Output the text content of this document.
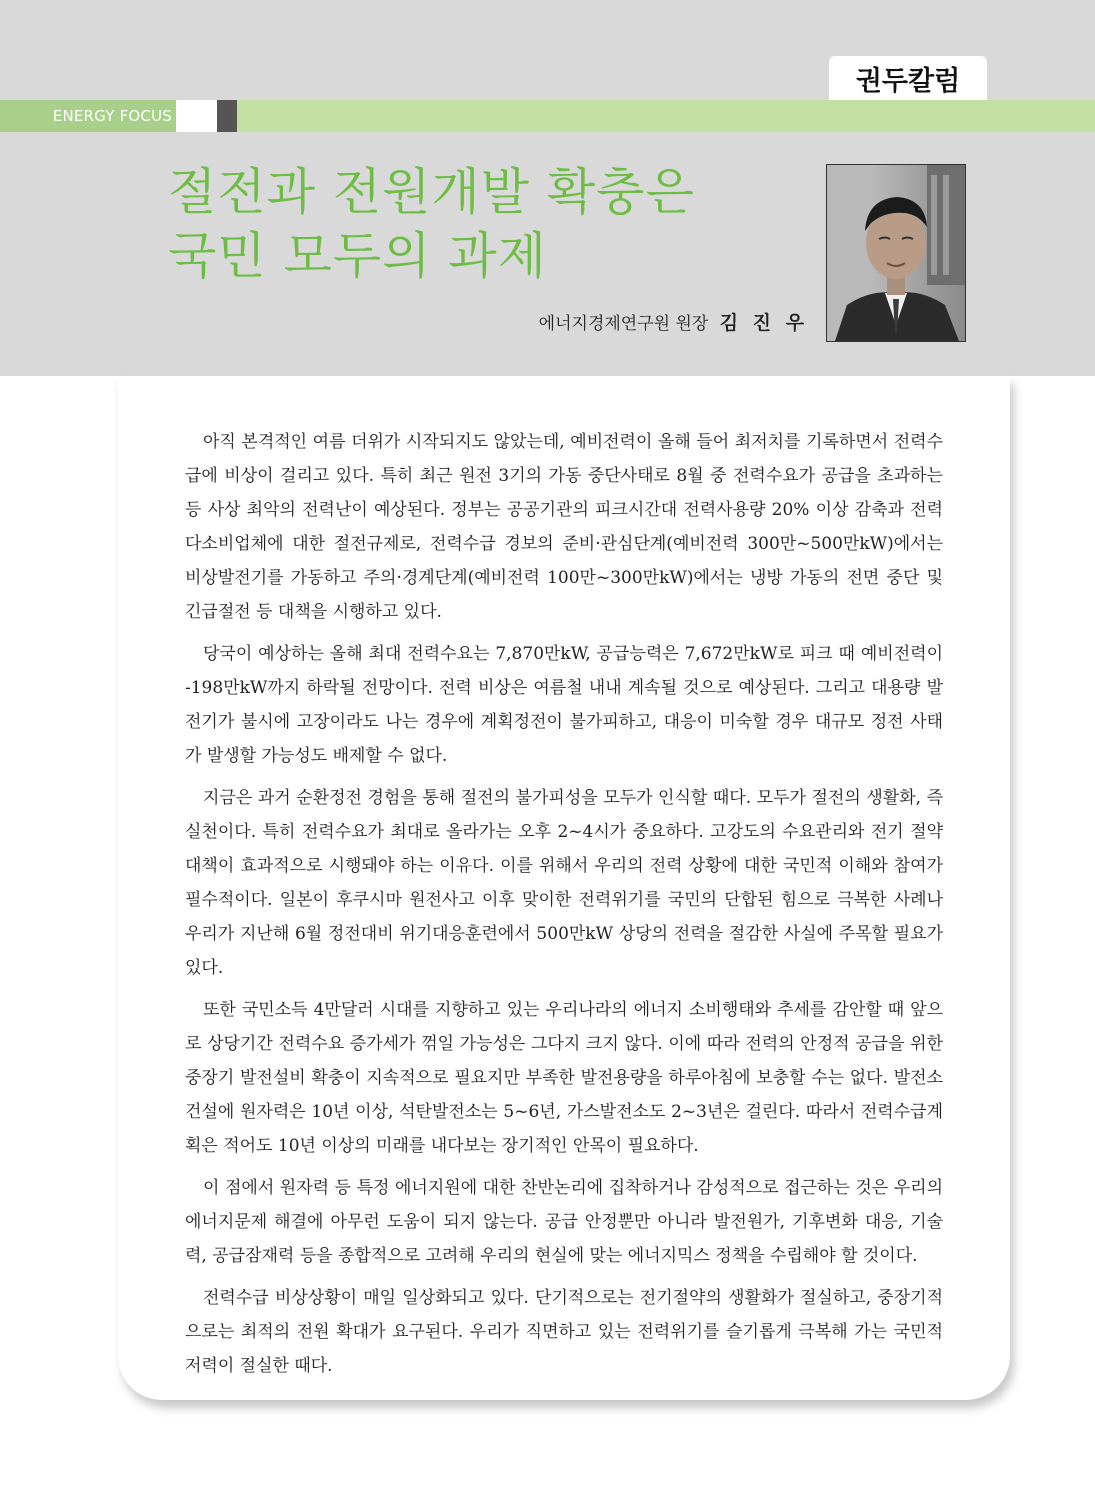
권두칼럼
ENERGY FOCUS
절전과 전원개발 확충은
국민 모두의 과제
에너지경제연구원 원장 김 진 우

아직 본격적인 여름 더위가 시작되지도 않았는데, 예비전력이 올해 들어 최저치를 기록하면서 전력수급에 비상이 걸리고 있다. 특히 최근 원전 3기의 가동 중단사태로 8월 중 전력수요가 공급을 초과하는 등 사상 최악의 전력난이 예상된다. 정부는 공공기관의 피크시간대 전력사용량 20% 이상 감축과 전력 다소비업체에 대한 절전규제로, 전력수급 경보의 준비·관심단계(예비전력 300만~500만kW)에서는 비상발전기를 가동하고 주의·경계단계(예비전력 100만~300만kW)에서는 냉방 가동의 전면 중단 및 긴급절전 등 대책을 시행하고 있다.

당국이 예상하는 올해 최대 전력수요는 7,870만kW, 공급능력은 7,672만kW로 피크 때 예비전력이 -198만kW까지 하락될 전망이다. 전력 비상은 여름철 내내 계속될 것으로 예상된다. 그리고 대용량 발전기가 불시에 고장이라도 나는 경우에 계획정전이 불가피하고, 대응이 미숙할 경우 대규모 정전 사태가 발생할 가능성도 배제할 수 없다.

지금은 과거 순환정전 경험을 통해 절전의 불가피성을 모두가 인식할 때다. 모두가 절전의 생활화, 즉 실천이다. 특히 전력수요가 최대로 올라가는 오후 2~4시가 중요하다. 고강도의 수요관리와 전기 절약 대책이 효과적으로 시행돼야 하는 이유다. 이를 위해서 우리의 전력 상황에 대한 국민적 이해와 참여가 필수적이다. 일본이 후쿠시마 원전사고 이후 맞이한 전력위기를 국민의 단합된 힘으로 극복한 사례나 우리가 지난해 6월 정전대비 위기대응훈련에서 500만kW 상당의 전력을 절감한 사실에 주목할 필요가 있다.

또한 국민소득 4만달러 시대를 지향하고 있는 우리나라의 에너지 소비행태와 추세를 감안할 때 앞으로 상당기간 전력수요 증가세가 꺾일 가능성은 그다지 크지 않다. 이에 따라 전력의 안정적 공급을 위한 중장기 발전설비 확충이 지속적으로 필요지만 부족한 발전용량을 하루아침에 보충할 수는 없다. 발전소 건설에 원자력은 10년 이상, 석탄발전소는 5~6년, 가스발전소도 2~3년은 걸린다. 따라서 전력수급계획은 적어도 10년 이상의 미래를 내다보는 장기적인 안목이 필요하다.

이 점에서 원자력 등 특정 에너지원에 대한 찬반논리에 집착하거나 감성적으로 접근하는 것은 우리의 에너지문제 해결에 아무런 도움이 되지 않는다. 공급 안정뿐만 아니라 발전원가, 기후변화 대응, 기술력, 공급잠재력 등을 종합적으로 고려해 우리의 현실에 맞는 에너지믹스 정책을 수립해야 할 것이다.

전력수급 비상상황이 매일 일상화되고 있다. 단기적으로는 전기절약의 생활화가 절실하고, 중장기적으로는 최적의 전원 확대가 요구된다. 우리가 직면하고 있는 전력위기를 슬기롭게 극복해 가는 국민적 저력이 절실한 때다.
